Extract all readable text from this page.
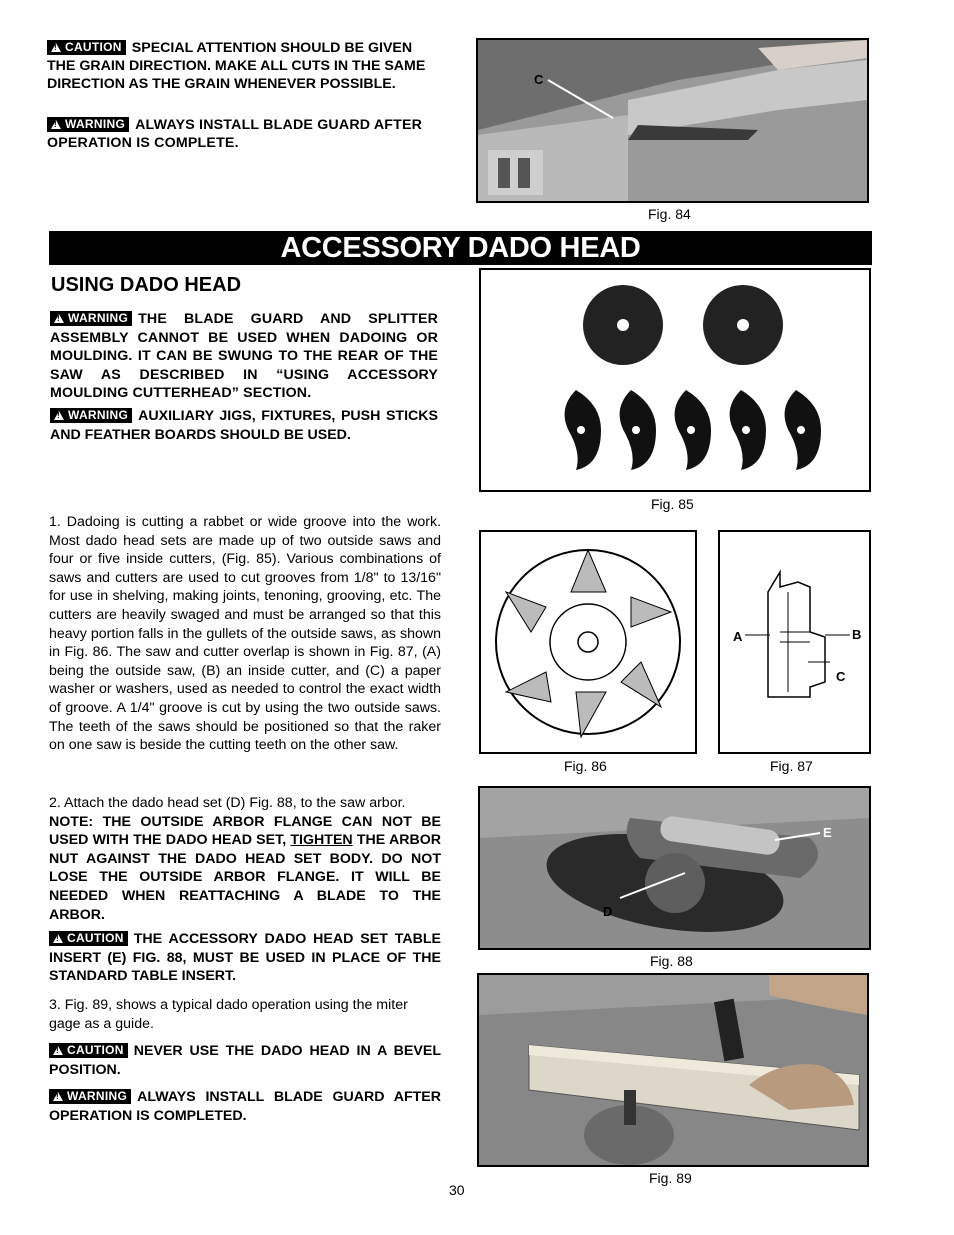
!CAUTION SPECIAL ATTENTION SHOULD BE GIVEN THE GRAIN DIRECTION. MAKE ALL CUTS IN THE SAME DIRECTION AS THE GRAIN WHENEVER POSSIBLE.
!WARNING ALWAYS INSTALL BLADE GUARD AFTER OPERATION IS COMPLETE.
C
Fig. 84
ACCESSORY DADO HEAD
USING DADO HEAD
!WARNING THE BLADE GUARD AND SPLITTER ASSEMBLY CANNOT BE USED WHEN DADOING OR MOULDING. IT CAN BE SWUNG TO THE REAR OF THE SAW AS DESCRIBED IN “USING ACCESSORY MOULDING CUTTERHEAD” SECTION.
!WARNING AUXILIARY JIGS, FIXTURES, PUSH STICKS AND FEATHER BOARDS SHOULD BE USED.
Fig. 85
1. Dadoing is cutting a rabbet or wide groove into the work. Most dado head sets are made up of two outside saws and four or five inside cutters, (Fig. 85). Various combinations of saws and cutters are used to cut grooves from 1/8" to 13/16" for use in shelving, making joints, tenoning, grooving, etc. The cutters are heavily swaged and must be arranged so that this heavy portion falls in the gullets of the outside saws, as shown in Fig. 86. The saw and cutter overlap is shown in Fig. 87, (A) being the outside saw, (B) an inside cutter, and (C) a paper washer or washers, used as needed to control the exact width of groove. A 1/4" groove is cut by using the two outside saws. The teeth of the saws should be positioned so that the raker on one saw is beside the cutting teeth on the other saw.
Fig. 86
A	B
C
Fig. 87
2. Attach the dado head set (D) Fig. 88, to the saw arbor.
NOTE: THE OUTSIDE ARBOR FLANGE CAN NOT BE USED WITH THE DADO HEAD SET, TIGHTEN THE ARBOR NUT AGAINST THE DADO HEAD SET BODY. DO NOT LOSE THE OUTSIDE ARBOR FLANGE. IT WILL BE NEEDED WHEN REATTACHING A BLADE TO THE ARBOR.
E
D
Fig. 88
!CAUTION THE ACCESSORY DADO HEAD SET TABLE INSERT (E) FIG. 88, MUST BE USED IN PLACE OF THE STANDARD TABLE INSERT.
3. Fig. 89, shows a typical dado operation using the miter gage as a guide.
!CAUTION NEVER USE THE DADO HEAD IN A BEVEL POSITION.
!WARNING ALWAYS INSTALL BLADE GUARD AFTER OPERATION IS COMPLETED.
Fig. 89
30
